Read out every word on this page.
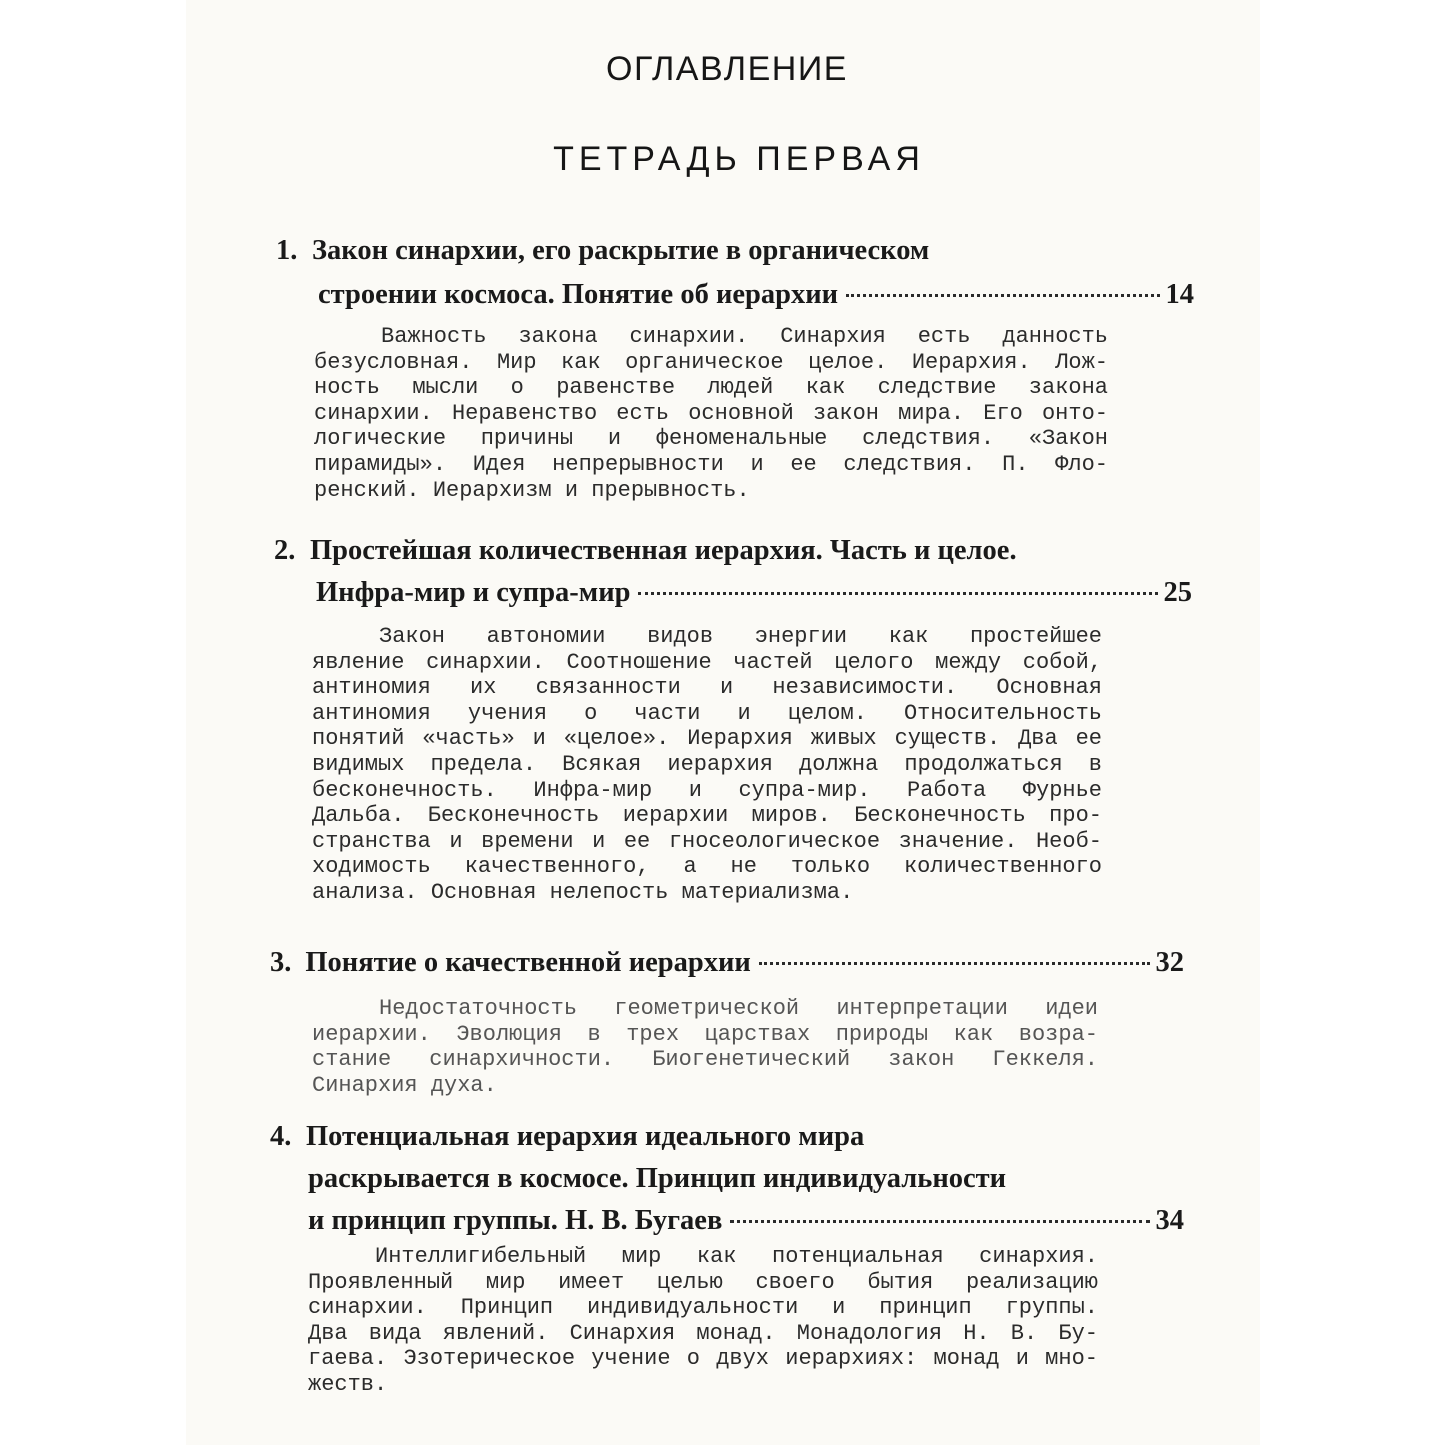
ОГЛАВЛЕНИЕ
ТЕТРАДЬ ПЕРВАЯ
1. Закон синархии, его раскрытие в органическом
строении космоса. Понятие об иерархии	14
Важность закона синархии. Синархия есть данность
безусловная. Мир как органическое целое. Иерархия. Лож-
ность мысли о равенстве людей как следствие закона
синархии. Неравенство есть основной закон мира. Его онто-
логические причины и феноменальные следствия. «Закон
пирамиды». Идея непрерывности и ее следствия. П. Фло-
ренский. Иерархизм и прерывность.
2. Простейшая количественная иерархия. Часть и целое.
Инфра-мир и супра-мир	25
Закон автономии видов энергии как простейшее
явление синархии. Соотношение частей целого между собой,
антиномия их связанности и независимости. Основная
антиномия учения о части и целом. Относительность
понятий «часть» и «целое». Иерархия живых существ. Два ее
видимых предела. Всякая иерархия должна продолжаться в
бесконечность. Инфра-мир и супра-мир. Работа Фурнье
Дальба. Бесконечность иерархии миров. Бесконечность про-
странства и времени и ее гносеологическое значение. Необ-
ходимость качественного, а не только количественного
анализа. Основная нелепость материализма.
3. Понятие о качественной иерархии	32
Недостаточность геометрической интерпретации идеи
иерархии. Эволюция в трех царствах природы как возра-
стание синархичности. Биогенетический закон Геккеля.
Синархия духа.
4. Потенциальная иерархия идеального мира
раскрывается в космосе. Принцип индивидуальности
и принцип группы. Н. В. Бугаев	34
Интеллигибельный мир как потенциальная синархия.
Проявленный мир имеет целью своего бытия реализацию
синархии. Принцип индивидуальности и принцип группы.
Два вида явлений. Синархия монад. Монадология Н. В. Бу-
гаева. Эзотерическое учение о двух иерархиях: монад и мно-
жеств.
